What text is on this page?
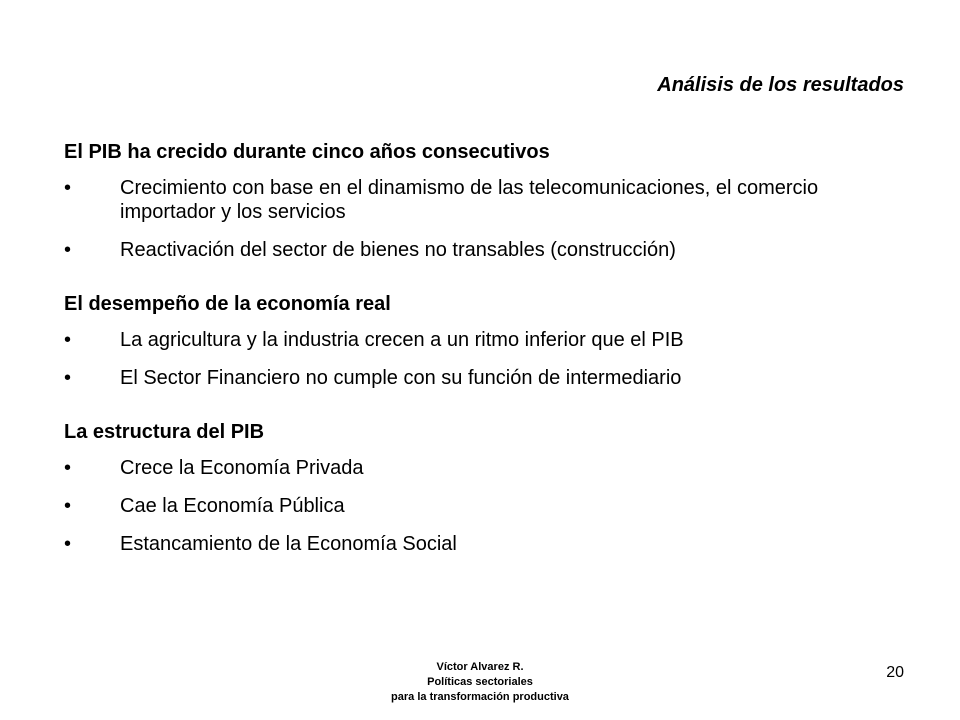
Análisis de los resultados
El PIB ha crecido durante cinco años consecutivos
•	Crecimiento con base en el dinamismo de las telecomunicaciones, el comercio importador y los servicios
•	Reactivación del sector de bienes no transables (construcción)
El desempeño de la economía real
•	La agricultura y la industria crecen a un ritmo inferior que el PIB
•	El Sector Financiero no cumple con su función de intermediario
La estructura del PIB
•	Crece la Economía Privada
•	Cae la Economía Pública
•	Estancamiento de la Economía Social
Víctor Alvarez R.
Políticas sectoriales
para la transformación productiva
20
